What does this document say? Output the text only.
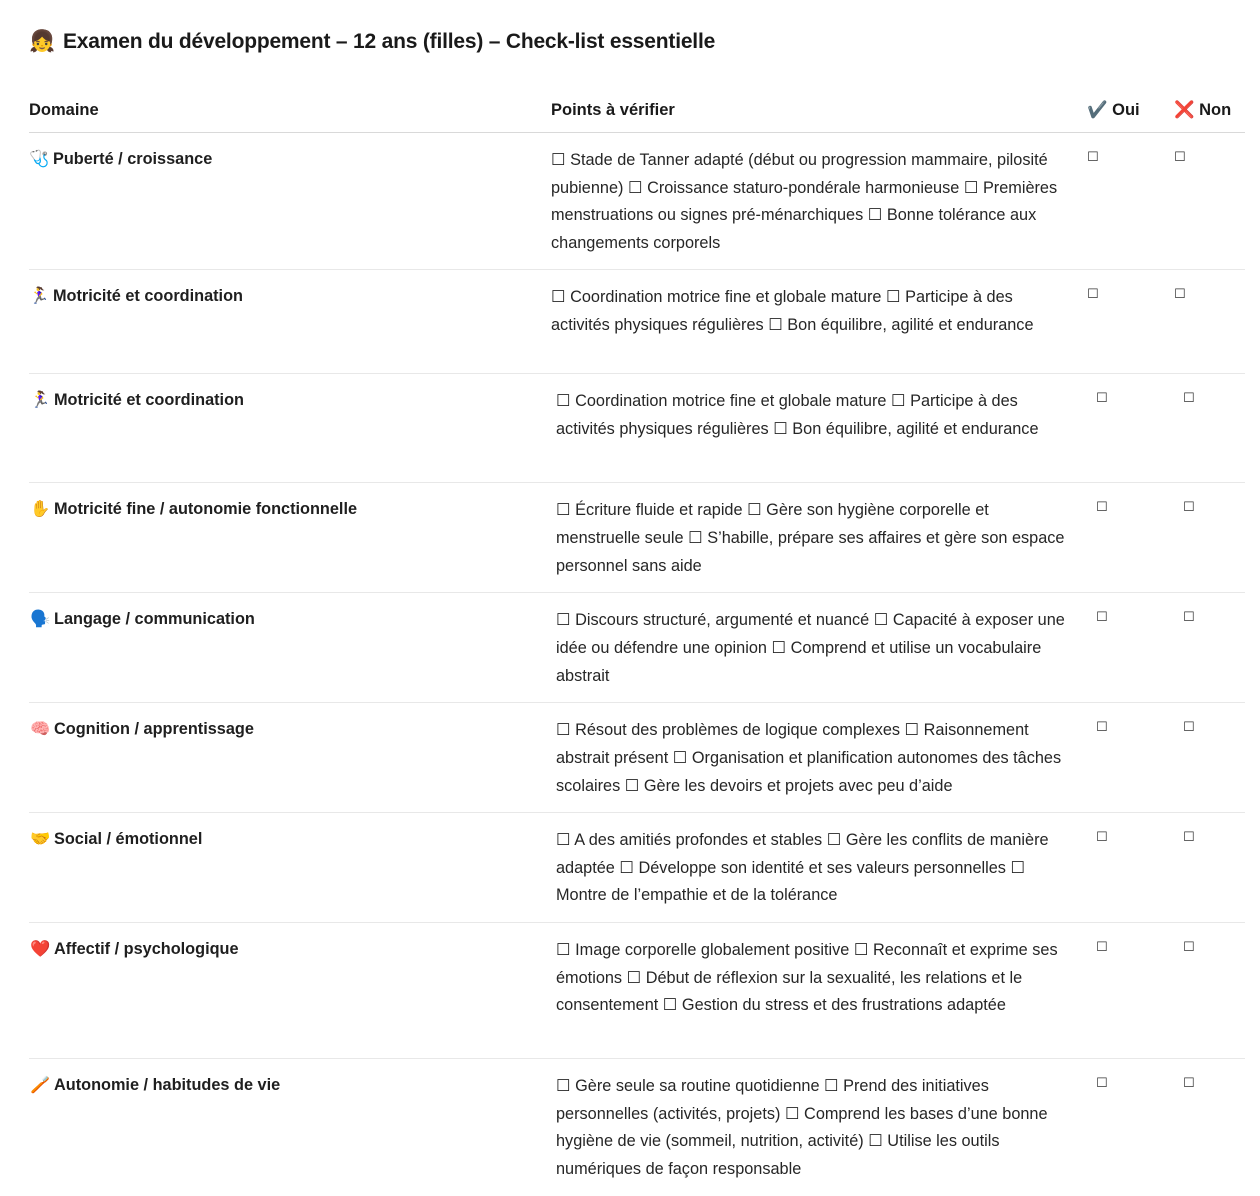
👧 Examen du développement – 12 ans (filles) – Check-list essentielle
Domaine	Points à vérifier	✔️ Oui	❌ Non
🩺 Puberté / croissance	☐ Stade de Tanner adapté (début ou progression mammaire, pilosité pubienne) ☐ Croissance staturo-pondérale harmonieuse ☐ Premières menstruations ou signes pré-ménarchiques ☐ Bonne tolérance aux changements corporels	☐	☐
🏃‍♀️ Motricité et coordination	☐ Coordination motrice fine et globale mature ☐ Participe à des activités physiques régulières ☐ Bon équilibre, agilité et endurance	☐	☐
🏃‍♀️ Motricité et coordination	☐ Coordination motrice fine et globale mature ☐ Participe à des activités physiques régulières ☐ Bon équilibre, agilité et endurance	☐	☐
✋ Motricité fine / autonomie fonctionnelle	☐ Écriture fluide et rapide ☐ Gère son hygiène corporelle et menstruelle seule ☐ S’habille, prépare ses affaires et gère son espace personnel sans aide	☐	☐
🗣️ Langage / communication	☐ Discours structuré, argumenté et nuancé ☐ Capacité à exposer une idée ou défendre une opinion ☐ Comprend et utilise un vocabulaire abstrait	☐	☐
🧠 Cognition / apprentissage	☐ Résout des problèmes de logique complexes ☐ Raisonnement abstrait présent ☐ Organisation et planification autonomes des tâches scolaires ☐ Gère les devoirs et projets avec peu d’aide	☐	☐
🤝 Social / émotionnel	☐ A des amitiés profondes et stables ☐ Gère les conflits de manière adaptée ☐ Développe son identité et ses valeurs personnelles ☐ Montre de l’empathie et de la tolérance	☐	☐
❤️ Affectif / psychologique	☐ Image corporelle globalement positive ☐ Reconnaît et exprime ses émotions ☐ Début de réflexion sur la sexualité, les relations et le consentement ☐ Gestion du stress et des frustrations adaptée	☐	☐
🪥 Autonomie / habitudes de vie	☐ Gère seule sa routine quotidienne ☐ Prend des initiatives personnelles (activités, projets) ☐ Comprend les bases d’une bonne hygiène de vie (sommeil, nutrition, activité) ☐ Utilise les outils numériques de façon responsable	☐	☐
